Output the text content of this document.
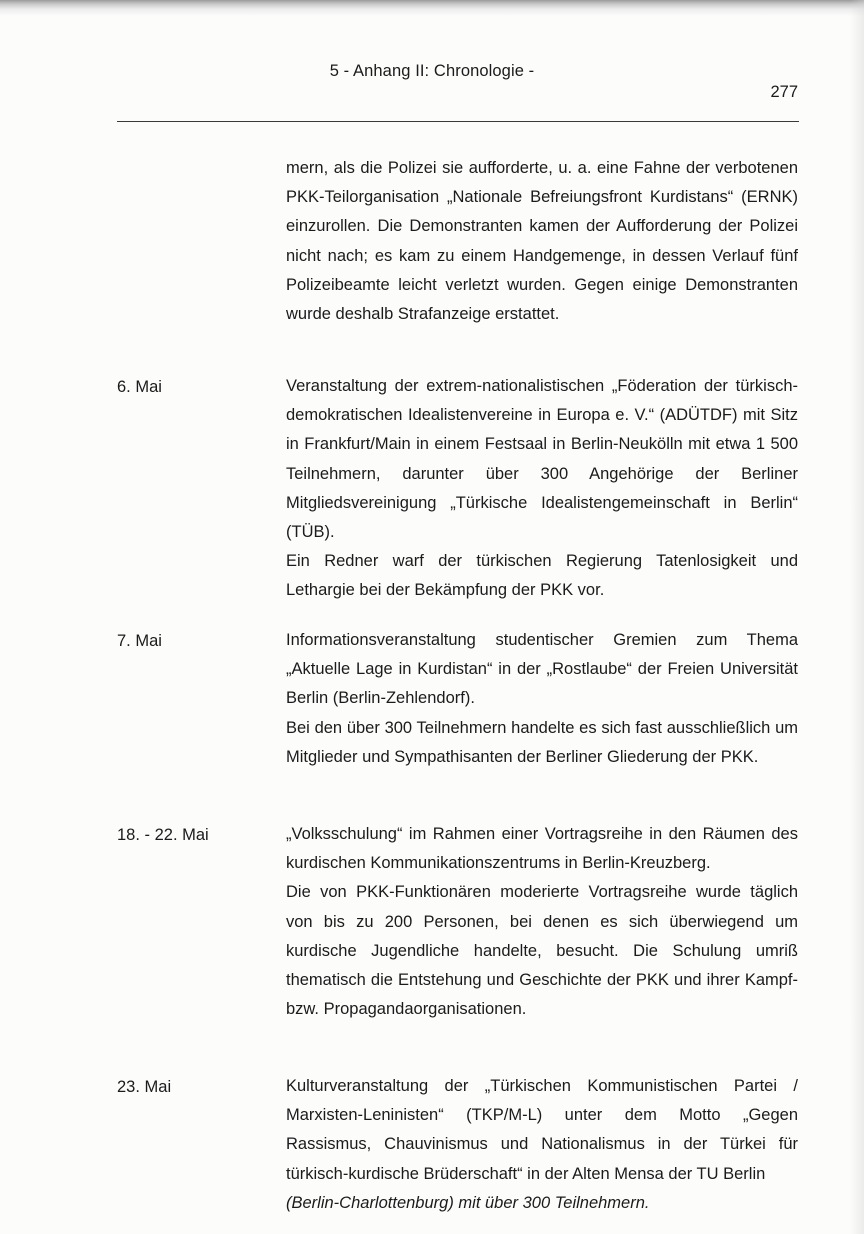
5 - Anhang II: Chronologie -
277

mern, als die Polizei sie aufforderte, u. a. eine Fahne der verbotenen PKK-Teilorganisation „Nationale Befreiungsfront Kurdistans“ (ERNK) einzurollen. Die Demonstranten kamen der Aufforderung der Polizei nicht nach; es kam zu einem Handgemenge, in dessen Verlauf fünf Polizeibeamte leicht verletzt wurden. Gegen einige Demonstranten wurde deshalb Strafanzeige erstattet.

6. Mai	Veranstaltung der extrem-nationalistischen „Föderation der türkisch-demokratischen Idealistenvereine in Europa e. V.“ (ADÜTDF) mit Sitz in Frankfurt/Main in einem Festsaal in Berlin-Neukölln mit etwa 1 500 Teilnehmern, darunter über 300 Angehörige der Berliner Mitgliedsvereinigung „Türkische Idealistengemeinschaft in Berlin“ (TÜB).

Ein Redner warf der türkischen Regierung Tatenlosigkeit und Lethargie bei der Bekämpfung der PKK vor.

7. Mai	Informationsveranstaltung studentischer Gremien zum Thema „Aktuelle Lage in Kurdistan“ in der „Rostlaube“ der Freien Universität Berlin (Berlin-Zehlendorf).

Bei den über 300 Teilnehmern handelte es sich fast ausschließlich um Mitglieder und Sympathisanten der Berliner Gliederung der PKK.

18. - 22. Mai	„Volksschulung“ im Rahmen einer Vortragsreihe in den Räumen des kurdischen Kommunikationszentrums in Berlin-Kreuzberg.

Die von PKK-Funktionären moderierte Vortragsreihe wurde täglich von bis zu 200 Personen, bei denen es sich überwiegend um kurdische Jugendliche handelte, besucht. Die Schulung umriß thematisch die Entstehung und Geschichte der PKK und ihrer Kampf- bzw. Propagandaorganisationen.

23. Mai	Kulturveranstaltung der „Türkischen Kommunistischen Partei / Marxisten-Leninisten“ (TKP/M-L) unter dem Motto „Gegen Rassismus, Chauvinismus und Nationalismus in der Türkei für türkisch-kurdische Brüderschaft“ in der Alten Mensa der TU Berlin

(Berlin-Charlottenburg) mit über 300 Teilnehmern.
